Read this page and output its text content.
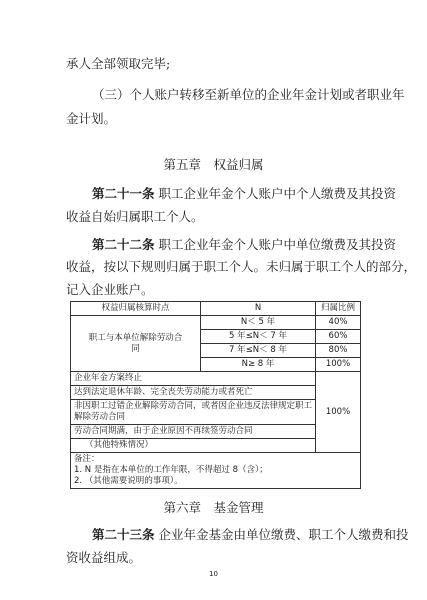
承人全部领取完毕;
（三）个人账户转移至新单位的企业年金计划或者职业年
金计划。
第五章　权益归属
第二十一条 职工企业年金个人账户中个人缴费及其投资
收益自始归属职工个人。
第二十二条 职工企业年金个人账户中单位缴费及其投资
收益，按以下规则归属于职工个人。未归属于职工个人的部分，
记入企业账户。
权益归属核算时点	N	归属比例
职工与本单位解除劳动合同	N＜ 5 年	40%
	5 年≤N＜ 7 年	60%
	7 年≤N＜ 8 年	80%
	N≥ 8 年	100%
企业年金方案终止		100%
达到法定退休年龄、完全丧失劳动能力或者死亡		
非因职工过错企业解除劳动合同，或者因企业违反法律规定职工解除劳动合同		
劳动合同期满，由于企业原因不再续签劳动合同		
（其他特殊情况）		

备注：
1. N 是指在本单位的工作年限，不得超过 8（含）；
2. （其他需要说明的事项）。		
第六章　基金管理
第二十三条 企业年金基金由单位缴费、职工个人缴费和投
资收益组成。
10
